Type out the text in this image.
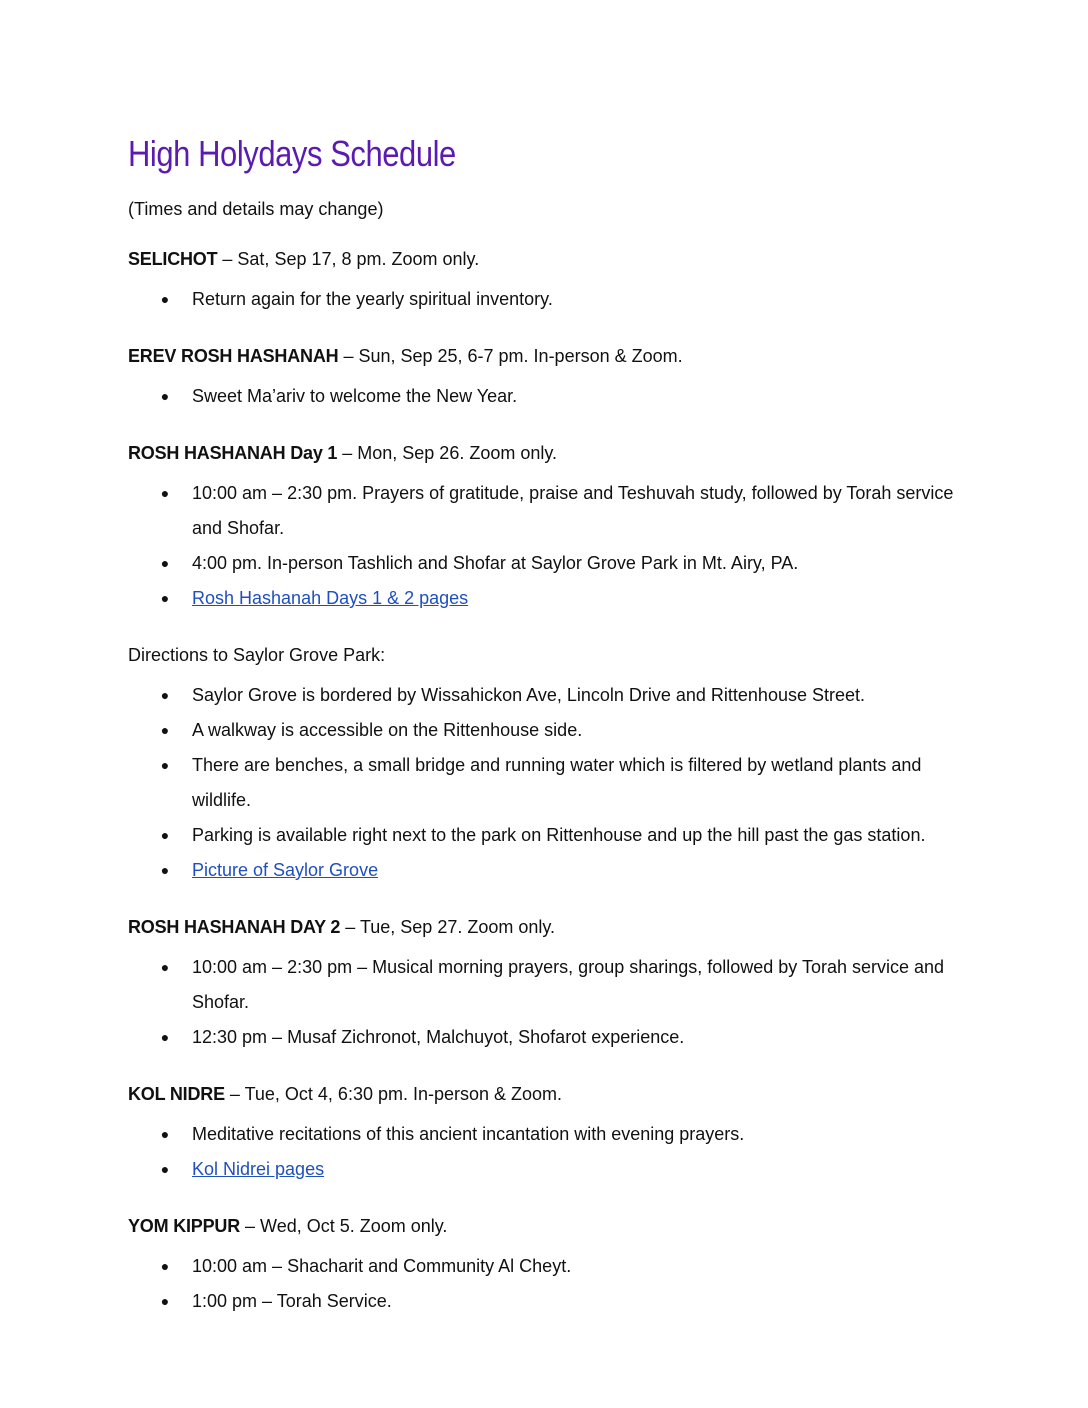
High Holydays Schedule
(Times and details may change)
SELICHOT – Sat, Sep 17, 8 pm. Zoom only.
● Return again for the yearly spiritual inventory.
EREV ROSH HASHANAH – Sun, Sep 25, 6-7 pm. In-person & Zoom.
● Sweet Ma’ariv to welcome the New Year.
ROSH HASHANAH Day 1 – Mon, Sep 26. Zoom only.
● 10:00 am – 2:30 pm. Prayers of gratitude, praise and Teshuvah study, followed by Torah service and Shofar.
● 4:00 pm. In-person Tashlich and Shofar at Saylor Grove Park in Mt. Airy, PA.
● Rosh Hashanah Days 1 & 2 pages
Directions to Saylor Grove Park:
● Saylor Grove is bordered by Wissahickon Ave, Lincoln Drive and Rittenhouse Street.
● A walkway is accessible on the Rittenhouse side.
● There are benches, a small bridge and running water which is filtered by wetland plants and wildlife.
● Parking is available right next to the park on Rittenhouse and up the hill past the gas station.
● Picture of Saylor Grove
ROSH HASHANAH DAY 2 – Tue, Sep 27. Zoom only.
● 10:00 am – 2:30 pm – Musical morning prayers, group sharings, followed by Torah service and Shofar.
● 12:30 pm – Musaf Zichronot, Malchuyot, Shofarot experience.
KOL NIDRE – Tue, Oct 4, 6:30 pm. In-person & Zoom.
● Meditative recitations of this ancient incantation with evening prayers.
● Kol Nidrei pages
YOM KIPPUR – Wed, Oct 5. Zoom only.
● 10:00 am – Shacharit and Community Al Cheyt.
● 1:00 pm – Torah Service.
